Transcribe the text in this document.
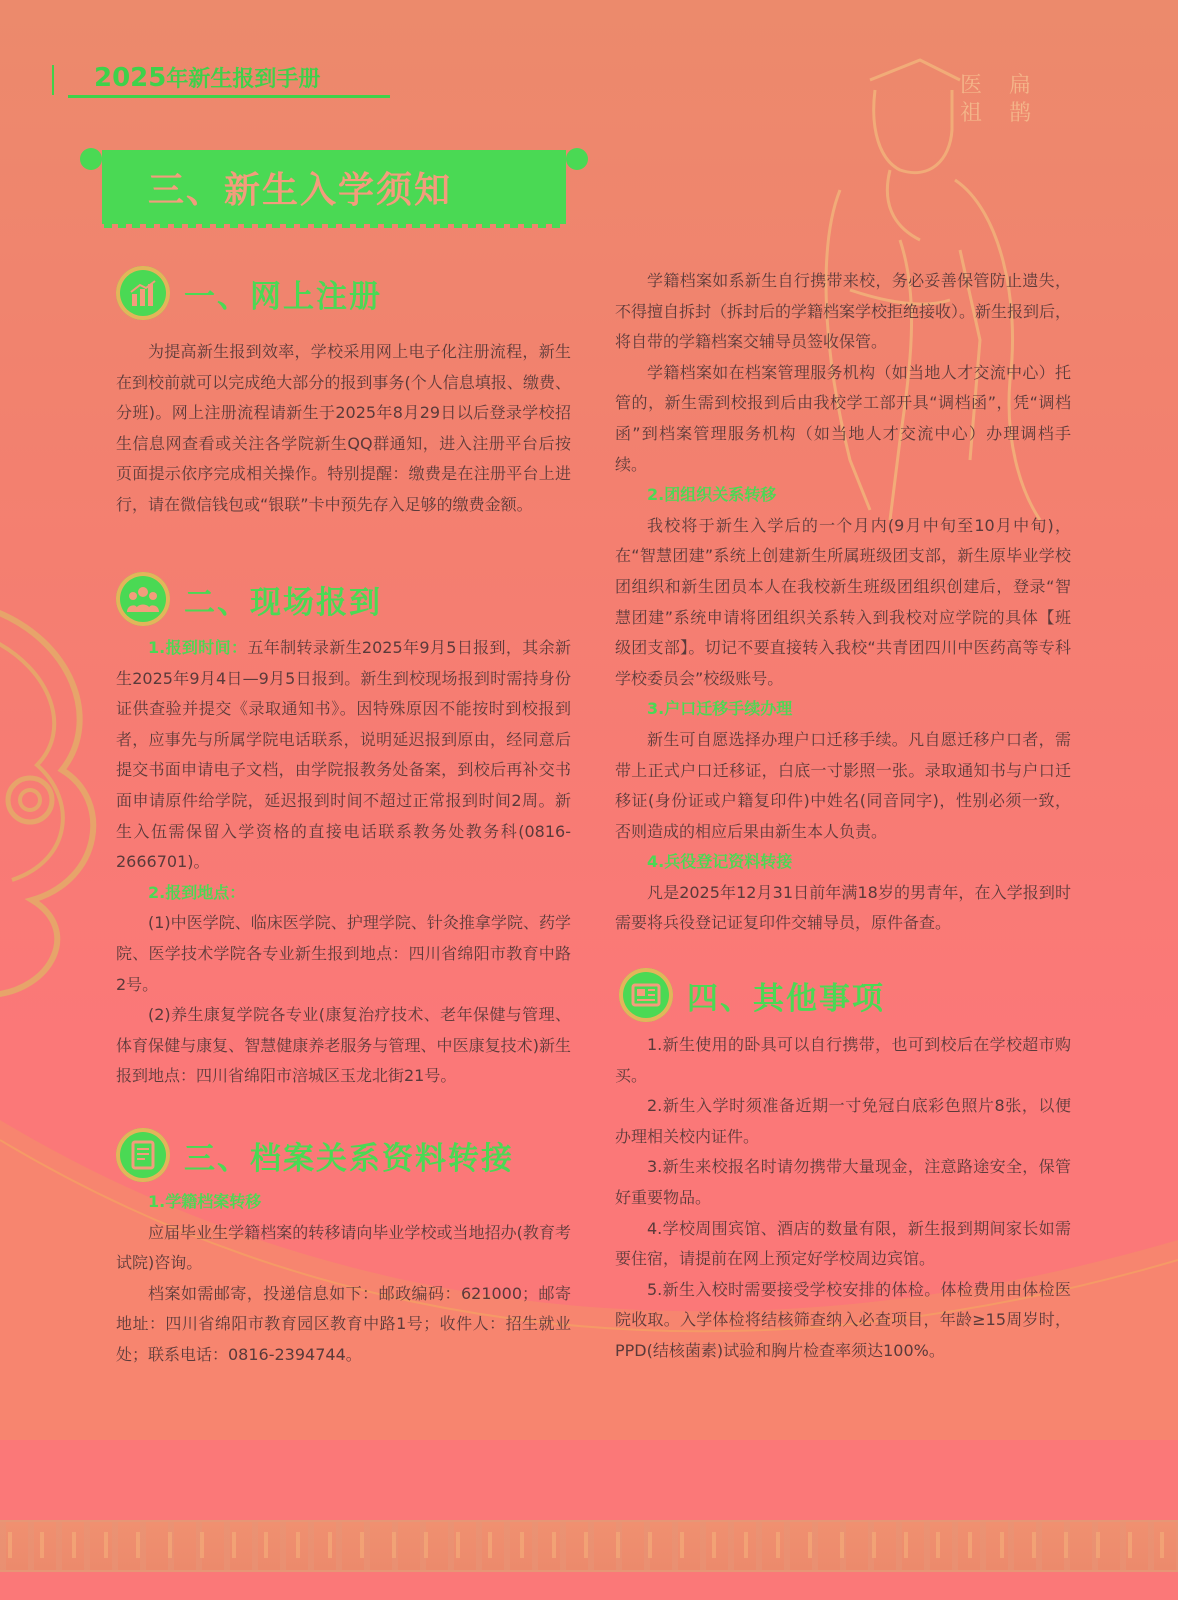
2025年新生报到手册	医 扁
祖 鹊
三、新生入学须知
一、网上注册

为提高新生报到效率，学校采用网上电子化注册流程，新生在到校前就可以完成绝大部分的报到事务(个人信息填报、缴费、分班)。网上注册流程请新生于2025年8月29日以后登录学校招生信息网查看或关注各学院新生QQ群通知，进入注册平台后按页面提示依序完成相关操作。特别提醒：缴费是在注册平台上进行，请在微信钱包或“银联”卡中预先存入足够的缴费金额。

二、现场报到

1.报到时间：五年制转录新生2025年9月5日报到，其余新生2025年9月4日—9月5日报到。新生到校现场报到时需持身份证供查验并提交《录取通知书》。因特殊原因不能按时到校报到者，应事先与所属学院电话联系，说明延迟报到原由，经同意后提交书面申请电子文档，由学院报教务处备案，到校后再补交书面申请原件给学院，延迟报到时间不超过正常报到时间2周。新生入伍需保留入学资格的直接电话联系教务处教务科(0816-2666701)。

2.报到地点：

(1)中医学院、临床医学院、护理学院、针灸推拿学院、药学院、医学技术学院各专业新生报到地点：四川省绵阳市教育中路2号。

(2)养生康复学院各专业(康复治疗技术、老年保健与管理、体育保健与康复、智慧健康养老服务与管理、中医康复技术)新生报到地点：四川省绵阳市涪城区玉龙北街21号。

三、档案关系资料转接

1.学籍档案转移

应届毕业生学籍档案的转移请向毕业学校或当地招办(教育考试院)咨询。

档案如需邮寄，投递信息如下：邮政编码：621000；邮寄地址：四川省绵阳市教育园区教育中路1号；收件人：招生就业处；联系电话：0816-2394744。

学籍档案如系新生自行携带来校，务必妥善保管防止遗失，不得擅自拆封（拆封后的学籍档案学校拒绝接收）。新生报到后，将自带的学籍档案交辅导员签收保管。

学籍档案如在档案管理服务机构（如当地人才交流中心）托管的，新生需到校报到后由我校学工部开具“调档函”，凭“调档函”到档案管理服务机构（如当地人才交流中心）办理调档手续。

2.团组织关系转移

我校将于新生入学后的一个月内(9月中旬至10月中旬)，在“智慧团建”系统上创建新生所属班级团支部，新生原毕业学校团组织和新生团员本人在我校新生班级团组织创建后，登录“智慧团建”系统申请将团组织关系转入到我校对应学院的具体【班级团支部】。切记不要直接转入我校“共青团四川中医药高等专科学校委员会”校级账号。

3.户口迁移手续办理

新生可自愿选择办理户口迁移手续。凡自愿迁移户口者，需带上正式户口迁移证，白底一寸影照一张。录取通知书与户口迁移证(身份证或户籍复印件)中姓名(同音同字)，性别必须一致，否则造成的相应后果由新生本人负责。

4.兵役登记资料转接

凡是2025年12月31日前年满18岁的男青年，在入学报到时需要将兵役登记证复印件交辅导员，原件备查。

四、其他事项

1.新生使用的卧具可以自行携带，也可到校后在学校超市购买。

2.新生入学时须准备近期一寸免冠白底彩色照片8张，以便办理相关校内证件。

3.新生来校报名时请勿携带大量现金，注意路途安全，保管好重要物品。

4.学校周围宾馆、酒店的数量有限，新生报到期间家长如需要住宿，请提前在网上预定好学校周边宾馆。

5.新生入校时需要接受学校安排的体检。体检费用由体检医院收取。入学体检将结核筛查纳入必查项目，年龄≥15周岁时，PPD(结核菌素)试验和胸片检查率须达100%。
